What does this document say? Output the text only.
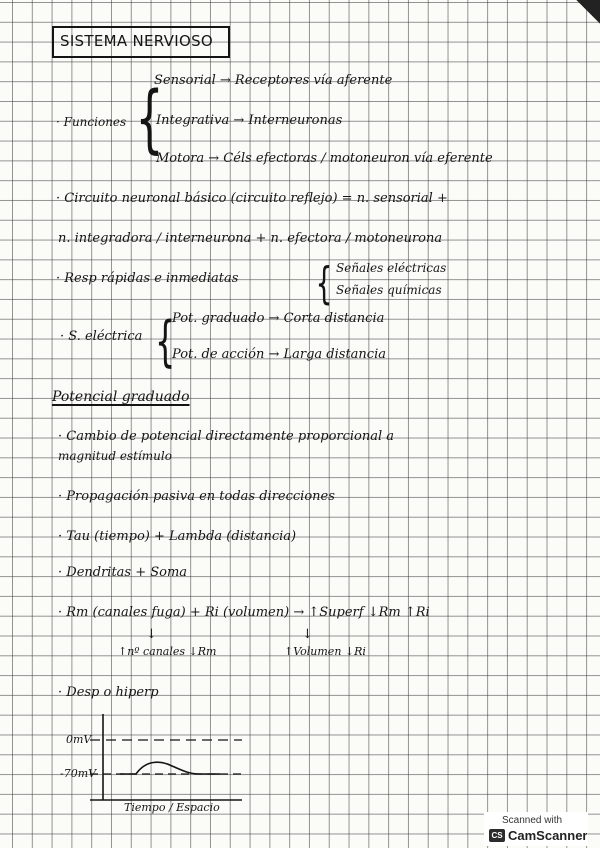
SISTEMA NERVIOSO
· Funciones {
Sensorial → Receptores vía aferente
Integrativa → Interneuronas
Motora → Céls efectoras / motoneuron vía eferente
· Circuito neuronal básico (circuito reflejo) = n. sensorial +
n. integradora / interneurona + n. efectora / motoneurona
· Resp rápidas e inmediatas { Señales eléctricas
Señales químicas
· S. eléctrica {
Pot. graduado → Corta distancia
Pot. de acción → Larga distancia
Potencial graduado
· Cambio de potencial directamente proporcional a
magnitud estímulo
· Propagación pasiva en todas direcciones
· Tau (tiempo) + Lambda (distancia)
· Dendritas + Soma
· Rm (canales fuga) + Ri (volumen) → ↑Superf ↓Rm ↑Ri
↓	↓
↑nº canales ↓Rm	↑Volumen ↓Ri
· Desp o hiperp
0mV
-70mV
Tiempo / Espacio
Scanned with
CS CamScanner
